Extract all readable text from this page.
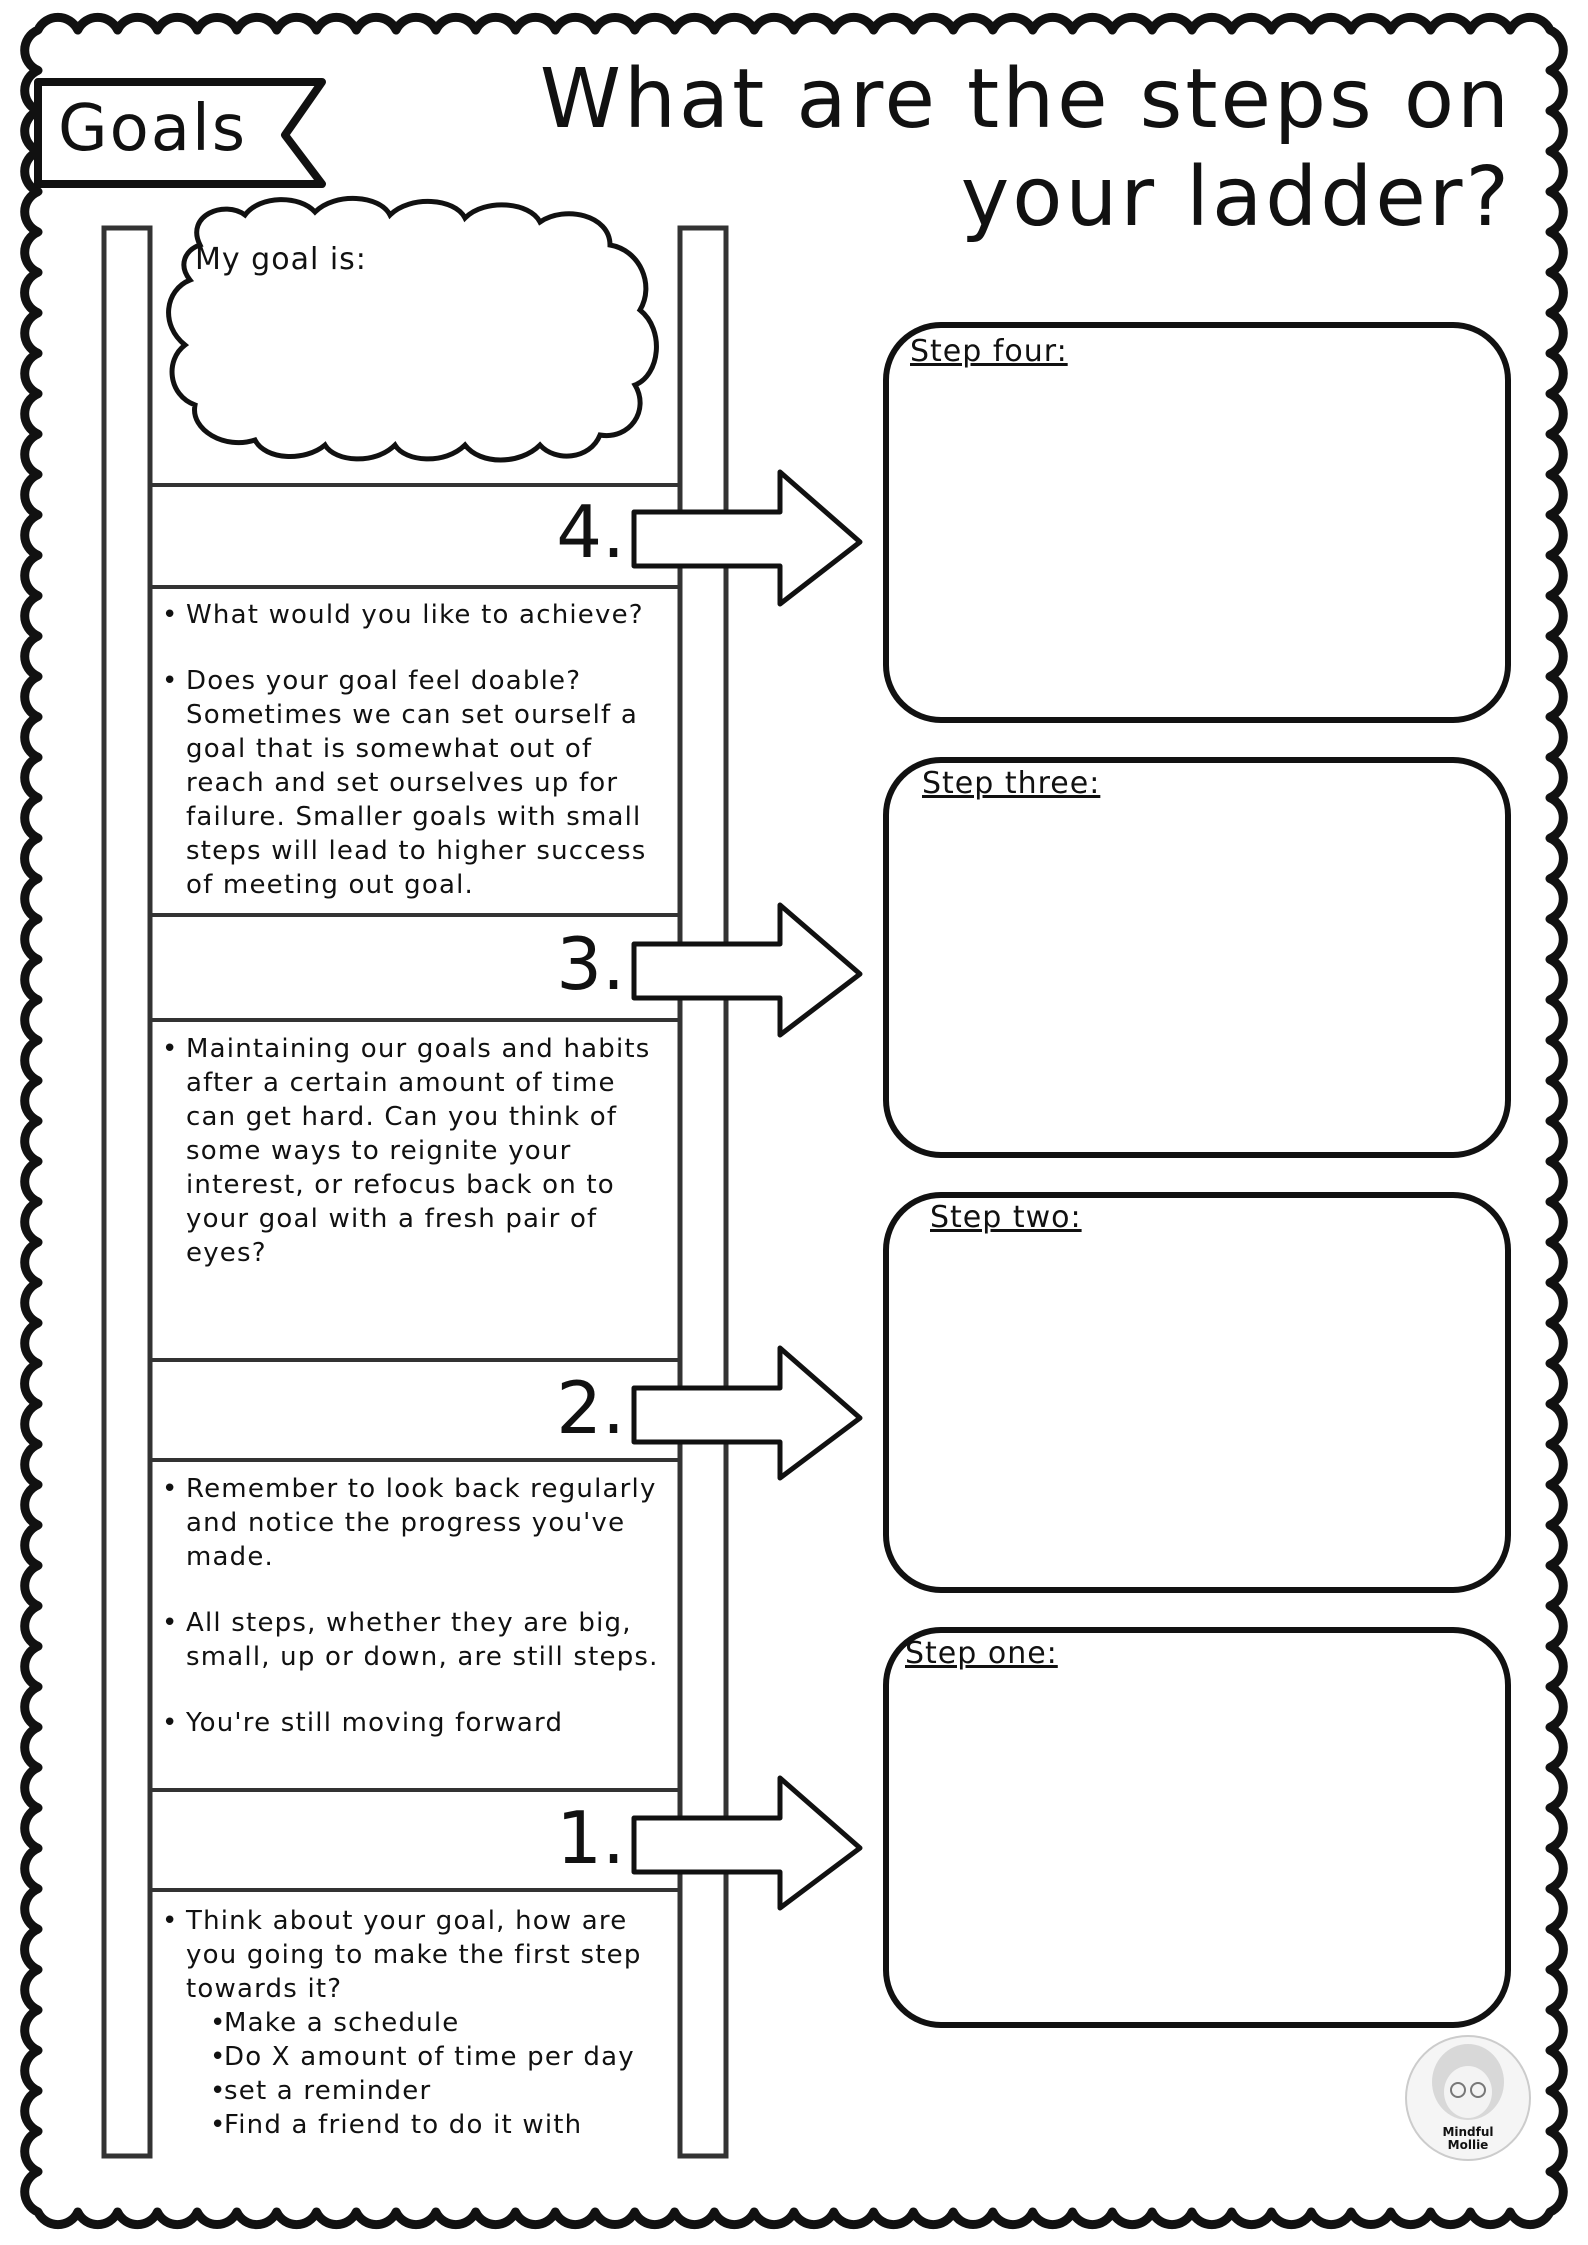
Goals	What are the steps on
your ladder?
My goal is:
4.
3.
2.
1.
• What would you like to achieve?
• Does your goal feel doable? Sometimes we can set ourself a goal that is somewhat out of reach and set ourselves up for failure. Smaller goals with small steps will lead to higher success of meeting out goal.
• Maintaining our goals and habits after a certain amount of time can get hard. Can you think of some ways to reignite your interest, or refocus back on to your goal with a fresh pair of eyes?
• Remember to look back regularly and notice the progress you've made.
• All steps, whether they are big, small, up or down, are still steps.
• You're still moving forward
• Think about your goal, how are you going to make the first step towards it?
• Make a schedule
• Do X amount of time per day
• set a reminder
• Find a friend to do it with
Step four:
Step three:
Step two:
Step one:
Mindful
Mollie
